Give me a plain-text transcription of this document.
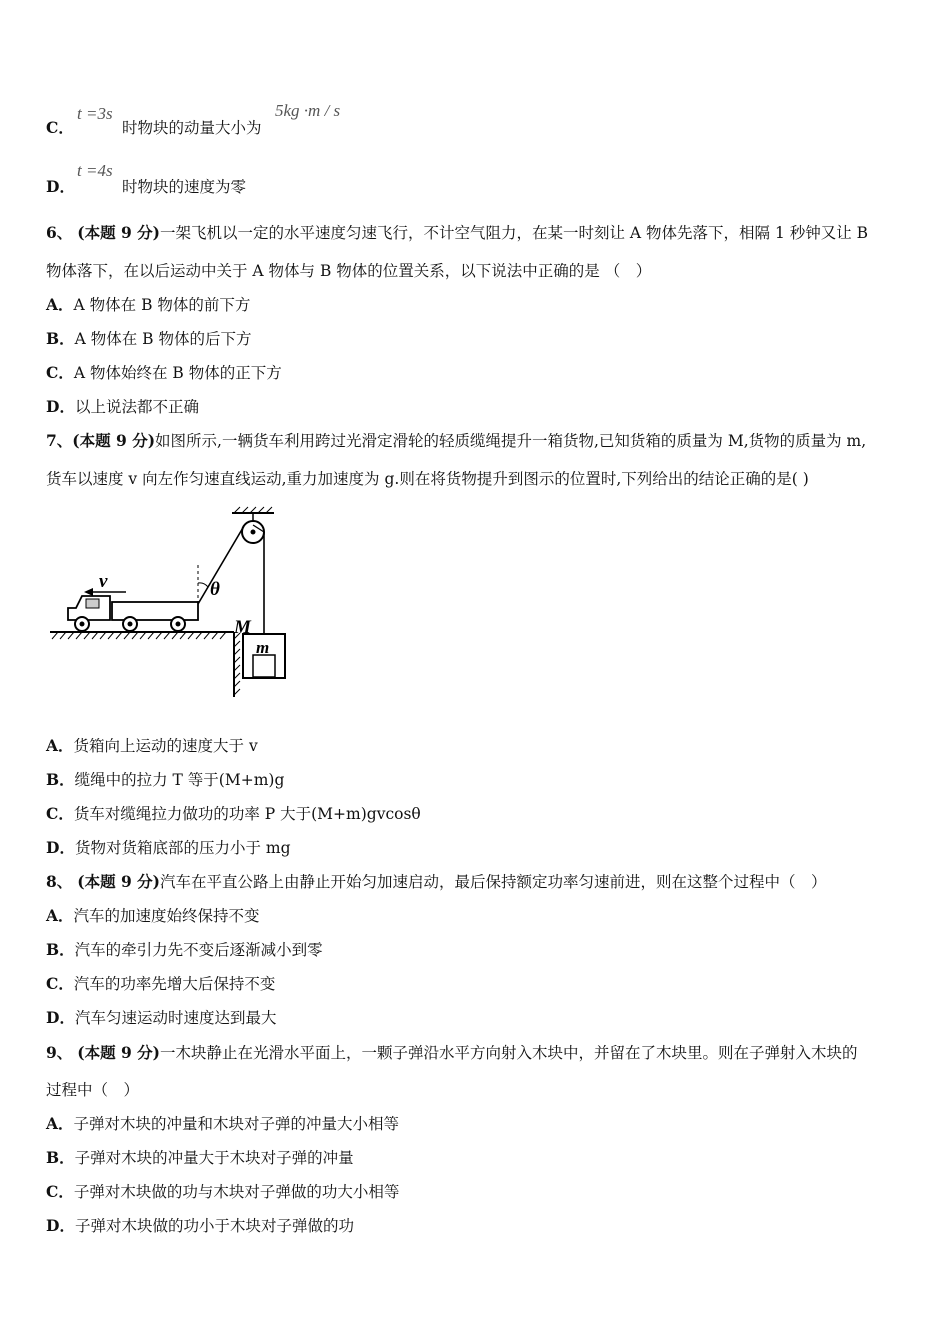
C．
t =3s
时物块的动量大小为
5kg ·m / s
D．
t =4s
时物块的速度为零
6、 (本题 9 分)一架飞机以一定的水平速度匀速飞行，不计空气阻力，在某一时刻让 A 物体先落下，相隔 1 秒钟又让 B
物体落下，在以后运动中关于 A 物体与 B 物体的位置关系，以下说法中正确的是 （　）
A．A 物体在 B 物体的前下方
B．A 物体在 B 物体的后下方
C．A 物体始终在 B 物体的正下方
D．以上说法都不正确
7、(本题 9 分)如图所示,一辆货车利用跨过光滑定滑轮的轻质缆绳提升一箱货物,已知货箱的质量为 M,货物的质量为 m,
货车以速度 v 向左作匀速直线运动,重力加速度为 g.则在将货物提升到图示的位置时,下列给出的结论正确的是( )
θ
v
M
m
A．货箱向上运动的速度大于 v
B．缆绳中的拉力 T 等于(M+m)g
C．货车对缆绳拉力做功的功率 P 大于(M+m)gvcosθ
D．货物对货箱底部的压力小于 mg
8、 (本题 9 分)汽车在平直公路上由静止开始匀加速启动，最后保持额定功率匀速前进，则在这整个过程中（　）
A．汽车的加速度始终保持不变
B．汽车的牵引力先不变后逐渐减小到零
C．汽车的功率先增大后保持不变
D．汽车匀速运动时速度达到最大
9、 (本题 9 分)一木块静止在光滑水平面上，一颗子弹沿水平方向射入木块中，并留在了木块里。则在子弹射入木块的
过程中（　）
A．子弹对木块的冲量和木块对子弹的冲量大小相等
B．子弹对木块的冲量大于木块对子弹的冲量
C．子弹对木块做的功与木块对子弹做的功大小相等
D．子弹对木块做的功小于木块对子弹做的功
